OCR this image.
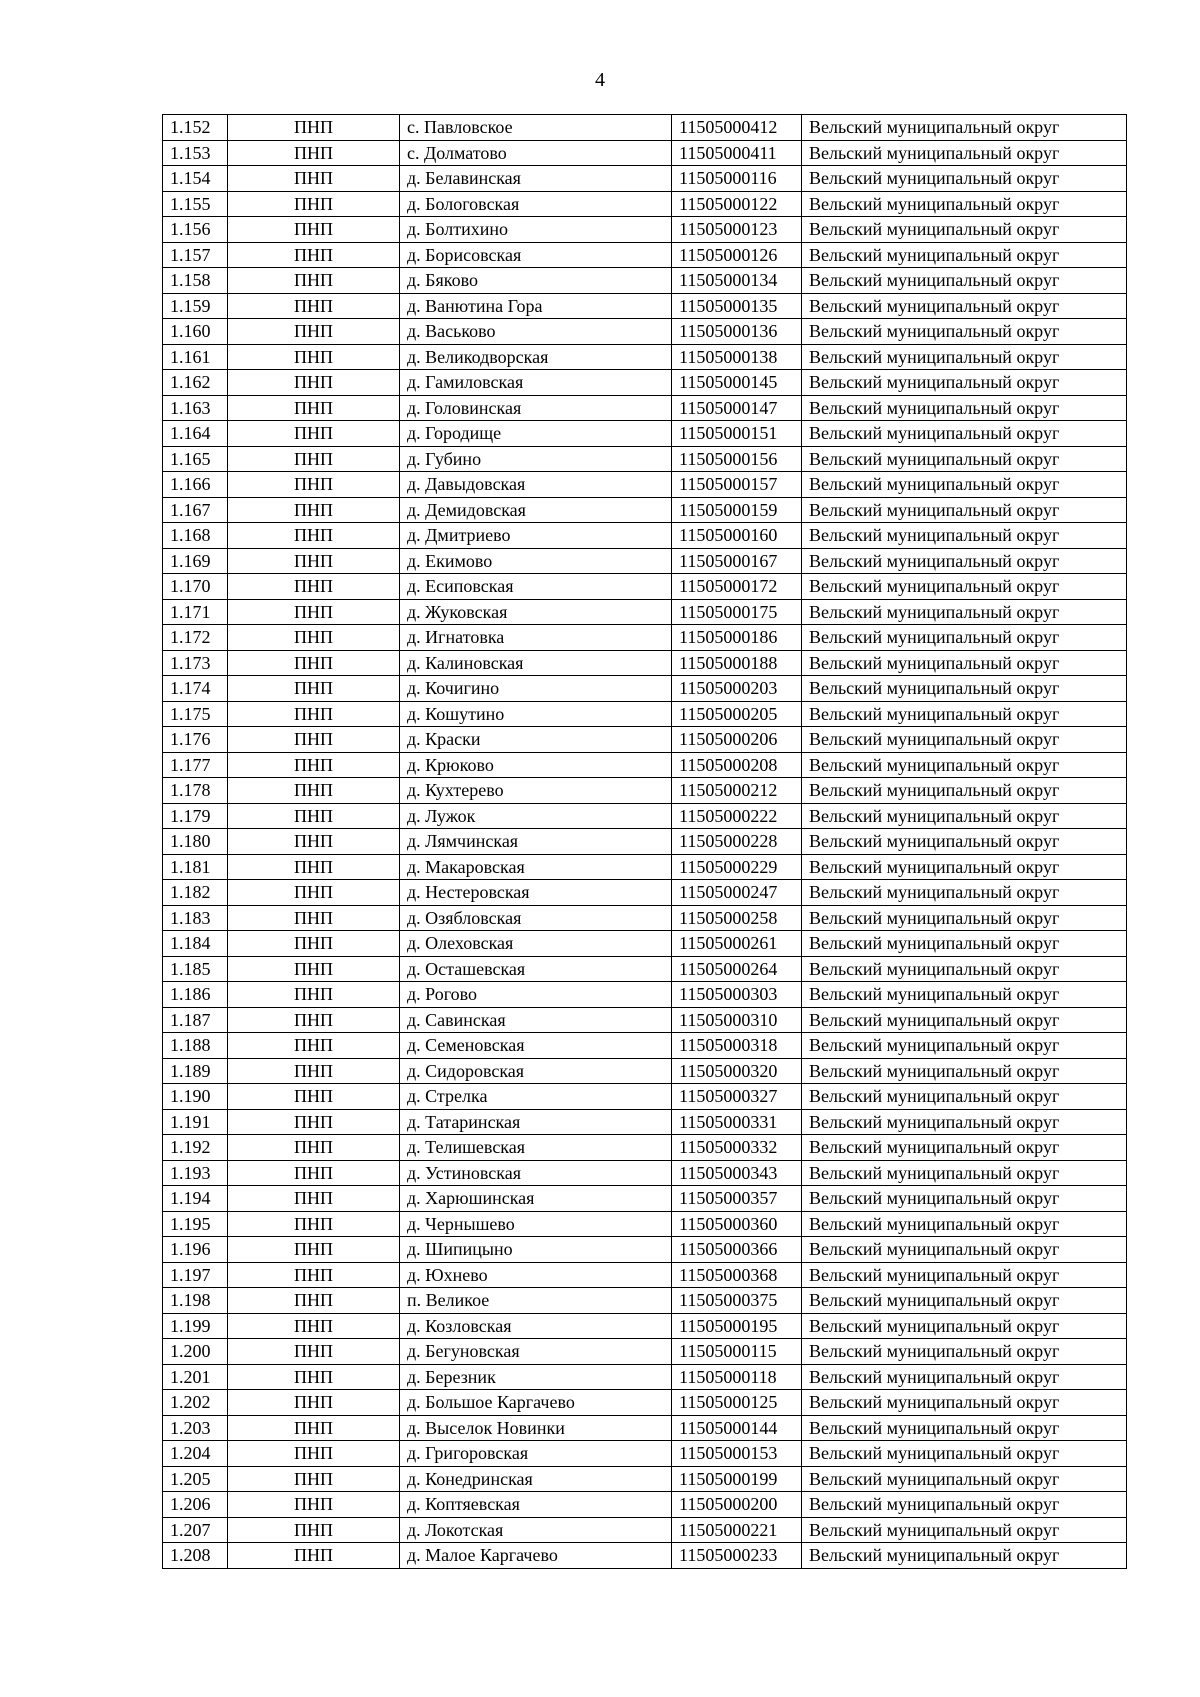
4
1.152	ПНП	с. Павловское	11505000412	Вельский муниципальный округ
1.153	ПНП	с. Долматово	11505000411	Вельский муниципальный округ
1.154	ПНП	д. Белавинская	11505000116	Вельский муниципальный округ
1.155	ПНП	д. Бологовская	11505000122	Вельский муниципальный округ
1.156	ПНП	д. Болтихино	11505000123	Вельский муниципальный округ
1.157	ПНП	д. Борисовская	11505000126	Вельский муниципальный округ
1.158	ПНП	д. Бяково	11505000134	Вельский муниципальный округ
1.159	ПНП	д. Ванютина Гора	11505000135	Вельский муниципальный округ
1.160	ПНП	д. Васьково	11505000136	Вельский муниципальный округ
1.161	ПНП	д. Великодворская	11505000138	Вельский муниципальный округ
1.162	ПНП	д. Гамиловская	11505000145	Вельский муниципальный округ
1.163	ПНП	д. Головинская	11505000147	Вельский муниципальный округ
1.164	ПНП	д. Городище	11505000151	Вельский муниципальный округ
1.165	ПНП	д. Губино	11505000156	Вельский муниципальный округ
1.166	ПНП	д. Давыдовская	11505000157	Вельский муниципальный округ
1.167	ПНП	д. Демидовская	11505000159	Вельский муниципальный округ
1.168	ПНП	д. Дмитриево	11505000160	Вельский муниципальный округ
1.169	ПНП	д. Екимово	11505000167	Вельский муниципальный округ
1.170	ПНП	д. Есиповская	11505000172	Вельский муниципальный округ
1.171	ПНП	д. Жуковская	11505000175	Вельский муниципальный округ
1.172	ПНП	д. Игнатовка	11505000186	Вельский муниципальный округ
1.173	ПНП	д. Калиновская	11505000188	Вельский муниципальный округ
1.174	ПНП	д. Кочигино	11505000203	Вельский муниципальный округ
1.175	ПНП	д. Кошутино	11505000205	Вельский муниципальный округ
1.176	ПНП	д. Краски	11505000206	Вельский муниципальный округ
1.177	ПНП	д. Крюково	11505000208	Вельский муниципальный округ
1.178	ПНП	д. Кухтерево	11505000212	Вельский муниципальный округ
1.179	ПНП	д. Лужок	11505000222	Вельский муниципальный округ
1.180	ПНП	д. Лямчинская	11505000228	Вельский муниципальный округ
1.181	ПНП	д. Макаровская	11505000229	Вельский муниципальный округ
1.182	ПНП	д. Нестеровская	11505000247	Вельский муниципальный округ
1.183	ПНП	д. Озябловская	11505000258	Вельский муниципальный округ
1.184	ПНП	д. Олеховская	11505000261	Вельский муниципальный округ
1.185	ПНП	д. Осташевская	11505000264	Вельский муниципальный округ
1.186	ПНП	д. Рогово	11505000303	Вельский муниципальный округ
1.187	ПНП	д. Савинская	11505000310	Вельский муниципальный округ
1.188	ПНП	д. Семеновская	11505000318	Вельский муниципальный округ
1.189	ПНП	д. Сидоровская	11505000320	Вельский муниципальный округ
1.190	ПНП	д. Стрелка	11505000327	Вельский муниципальный округ
1.191	ПНП	д. Татаринская	11505000331	Вельский муниципальный округ
1.192	ПНП	д. Телишевская	11505000332	Вельский муниципальный округ
1.193	ПНП	д. Устиновская	11505000343	Вельский муниципальный округ
1.194	ПНП	д. Харюшинская	11505000357	Вельский муниципальный округ
1.195	ПНП	д. Чернышево	11505000360	Вельский муниципальный округ
1.196	ПНП	д. Шипицыно	11505000366	Вельский муниципальный округ
1.197	ПНП	д. Юхнево	11505000368	Вельский муниципальный округ
1.198	ПНП	п. Великое	11505000375	Вельский муниципальный округ
1.199	ПНП	д. Козловская	11505000195	Вельский муниципальный округ
1.200	ПНП	д. Бегуновская	11505000115	Вельский муниципальный округ
1.201	ПНП	д. Березник	11505000118	Вельский муниципальный округ
1.202	ПНП	д. Большое Каргачево	11505000125	Вельский муниципальный округ
1.203	ПНП	д. Выселок Новинки	11505000144	Вельский муниципальный округ
1.204	ПНП	д. Григоровская	11505000153	Вельский муниципальный округ
1.205	ПНП	д. Конедринская	11505000199	Вельский муниципальный округ
1.206	ПНП	д. Коптяевская	11505000200	Вельский муниципальный округ
1.207	ПНП	д. Локотская	11505000221	Вельский муниципальный округ
1.208	ПНП	д. Малое Каргачево	11505000233	Вельский муниципальный округ
